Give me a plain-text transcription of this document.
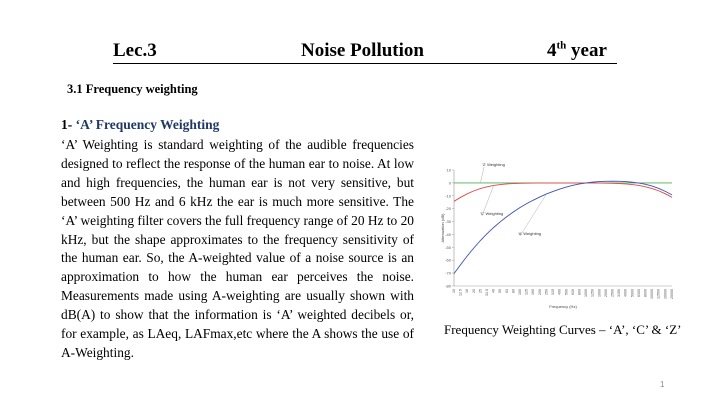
Lec.3	Noise Pollution	4th year
3.1 Frequency weighting
1- ‘A’ Frequency Weighting
‘A’ Weighting is standard weighting of the audible frequencies designed to reflect the response of the human ear to noise. At low and high frequencies, the human ear is not very sensitive, but between 500 Hz and 6 kHz the ear is much more sensitive. The ‘A’ weighting filter covers the full frequency range of 20 Hz to 20 kHz, but the shape approximates to the frequency sensitivity of the human ear. So, the A-weighted value of a noise source is an approximation to how the human ear perceives the noise. Measurements made using A-weighting are usually shown with dB(A) to show that the information is ‘A’ weighted decibels or, for example, as LAeq, LAFmax,etc where the A shows the use of A-Weighting.
10
0
-10
-20
-30
-40
-50
-60
-70
-80
10 12.5 16 20 25 31.5 40 50 63 80 100 125 160 200 250 315 400 500 630 800 1000 1250 1600 2000 2500 3150 4000 5000 6300 8000 10000 12500 16000 20000
Attenuation (dB)
Frequency (Hz)
'Z' Weighting
'C' Weighting
'A' Weighting
Frequency Weighting Curves – ‘A’, ‘C’ & ‘Z’
1
